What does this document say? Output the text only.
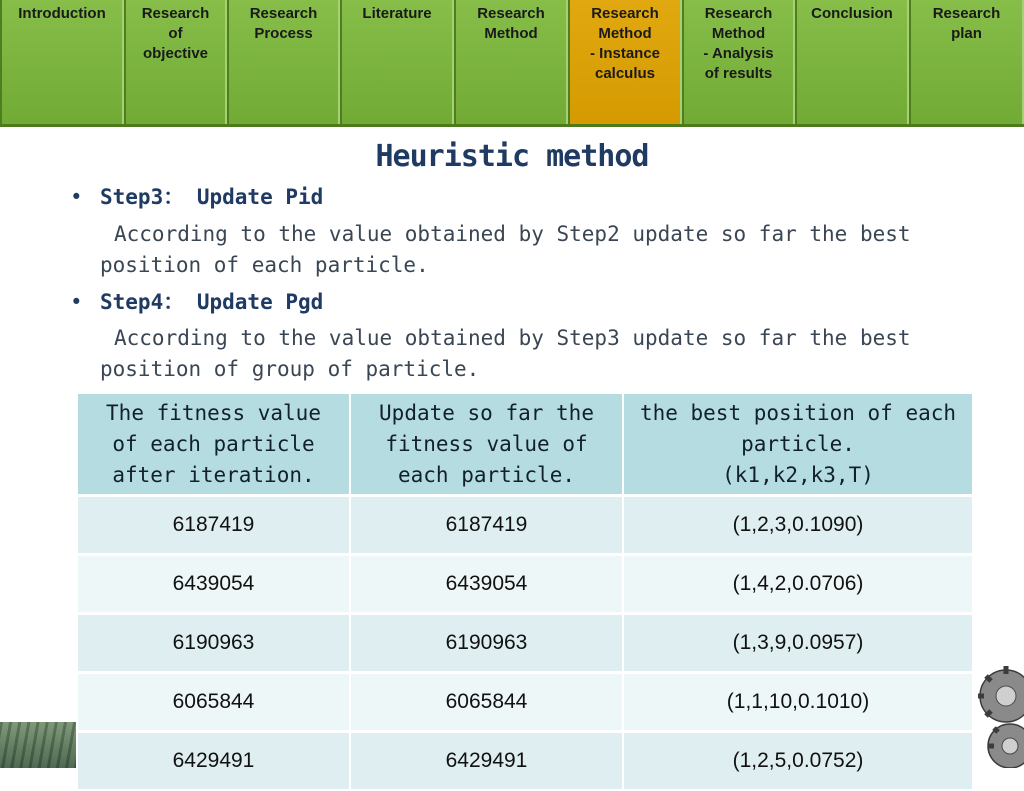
Introduction	Research
of
objective
Research
Process
Literature	Research
Method
Research
Method
- Instance
calculus
Research
Method
- Analysis
of results
Conclusion	Research
plan
Heuristic method
• Step3： Update Pid
According to the value obtained by Step2 update so far the best position of each particle.
• Step4： Update Pgd
According to the value obtained by Step3 update so far the best position of group of particle.
The fitness value
of each particle
after iteration.	Update so far the
fitness value of
each particle.	the best position of each
particle.
(k1,k2,k3,T)
6187419	6187419	(1,2,3,0.1090)
6439054	6439054	(1,4,2,0.0706)
6190963	6190963	(1,3,9,0.0957)
6065844	6065844	(1,1,10,0.1010)
6429491	6429491	(1,2,5,0.0752)
